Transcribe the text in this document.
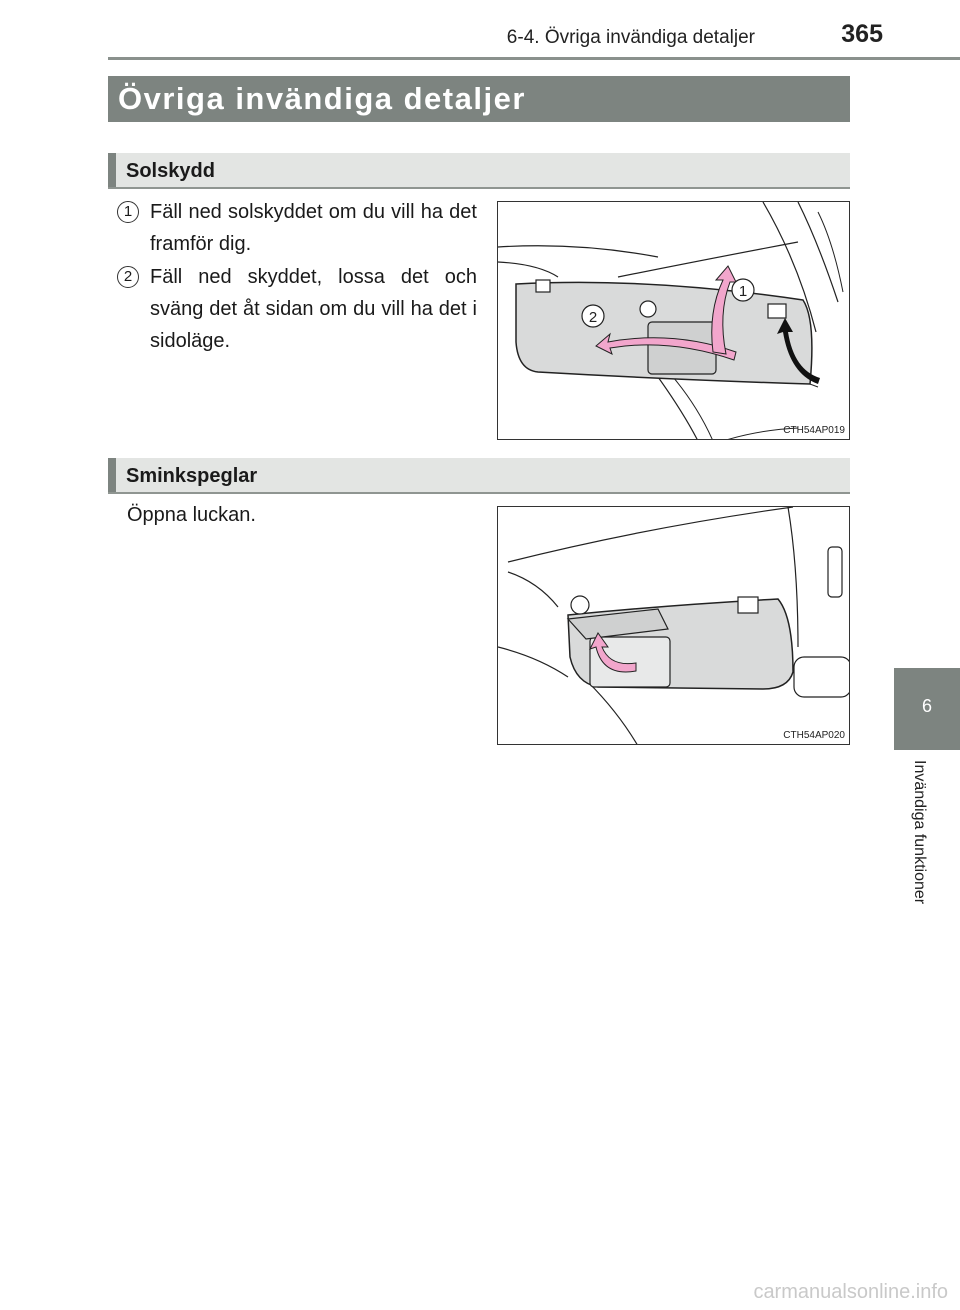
6-4. Övriga invändiga detaljer	365
Övriga invändiga detaljer
Solskydd
1 Fäll ned solskyddet om du vill ha det framför dig.
2 Fäll ned skyddet, lossa det och sväng det åt sidan om du vill ha det i sidoläge.
1
2
CTH54AP019
Sminkspeglar
Öppna luckan.
CTH54AP020
6
Invändiga funktioner
carmanualsonline.info
